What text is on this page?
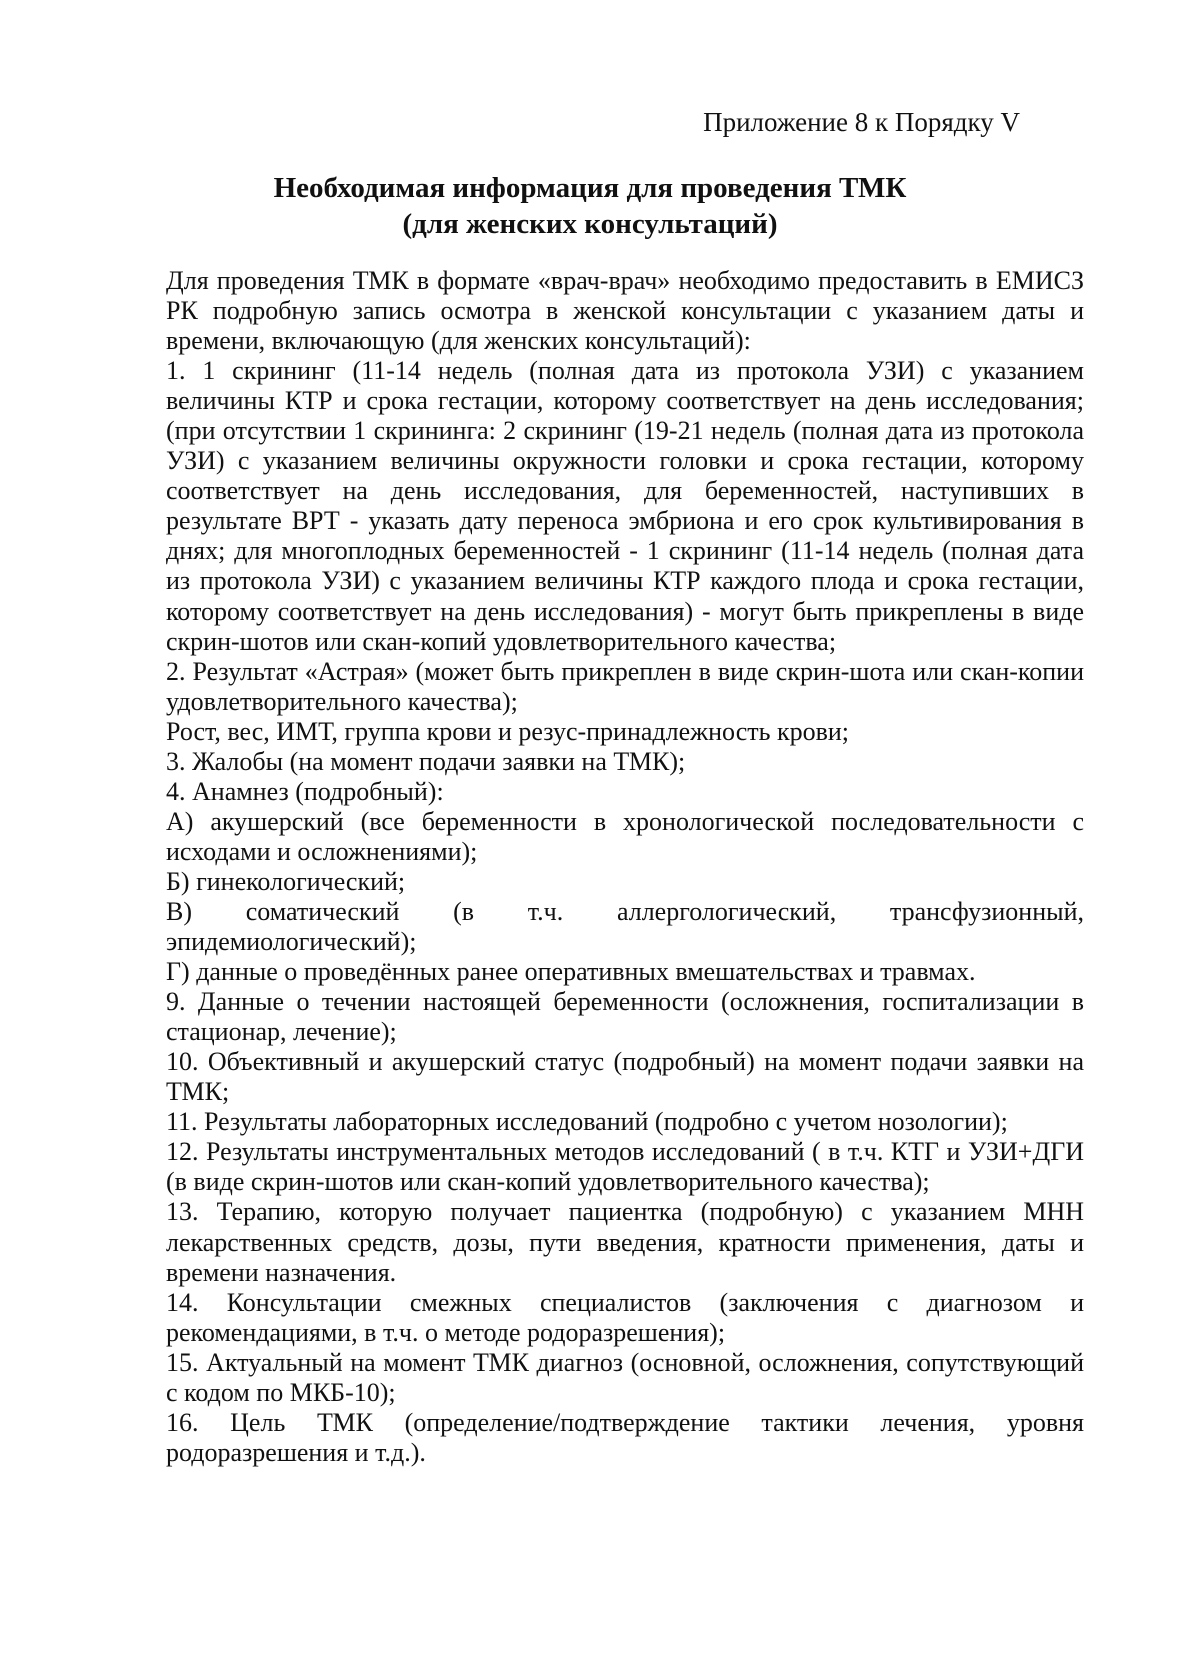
Приложение 8 к Порядку V
Необходимая информация для проведения ТМК
(для женских консультаций)

Для проведения ТМК в формате «врач-врач» необходимо предоставить в ЕМИСЗ РК подробную запись осмотра в женской консультации с указанием даты и времени, включающую (для женских консультаций):

1. 1 скрининг (11-14 недель (полная дата из протокола УЗИ) с указанием величины КТР и срока гестации, которому соответствует на день исследования; (при отсутствии 1 скрининга: 2 скрининг (19-21 недель (полная дата из протокола УЗИ) с указанием величины окружности головки и срока гестации, которому соответствует на день исследования, для беременностей, наступивших в результате ВРТ - указать дату переноса эмбриона и его срок культивирования в днях; для многоплодных беременностей - 1 скрининг (11-14 недель (полная дата из протокола УЗИ) с указанием величины КТР каждого плода и срока гестации, которому соответствует на день исследования) - могут быть прикреплены в виде скрин-шотов или скан-копий удовлетворительного качества;

2. Результат «Астрая» (может быть прикреплен в виде скрин-шота или скан-копии удовлетворительного качества);

Рост, вес, ИМТ, группа крови и резус-принадлежность крови;

3. Жалобы (на момент подачи заявки на ТМК);

4. Анамнез (подробный):

А) акушерский (все беременности в хронологической последовательности с исходами и осложнениями);

Б) гинекологический;

В) соматический (в т.ч. аллергологический, трансфузионный, эпидемиологический);

Г) данные о проведённых ранее оперативных вмешательствах и травмах.

9. Данные о течении настоящей беременности (осложнения, госпитализации в стационар, лечение);

10. Объективный и акушерский статус (подробный) на момент подачи заявки на ТМК;

11. Результаты лабораторных исследований (подробно с учетом нозологии);

12. Результаты инструментальных методов исследований ( в т.ч. КТГ и УЗИ+ДГИ (в виде скрин-шотов или скан-копий удовлетворительного качества);

13. Терапию, которую получает пациентка (подробную) с указанием МНН лекарственных средств, дозы, пути введения, кратности применения, даты и времени назначения.

14. Консультации смежных специалистов (заключения с диагнозом и рекомендациями, в т.ч. о методе родоразрешения);

15. Актуальный на момент ТМК диагноз (основной, осложнения, сопутствующий с кодом по МКБ-10);

16. Цель ТМК (определение/подтверждение тактики лечения, уровня родоразрешения и т.д.).
